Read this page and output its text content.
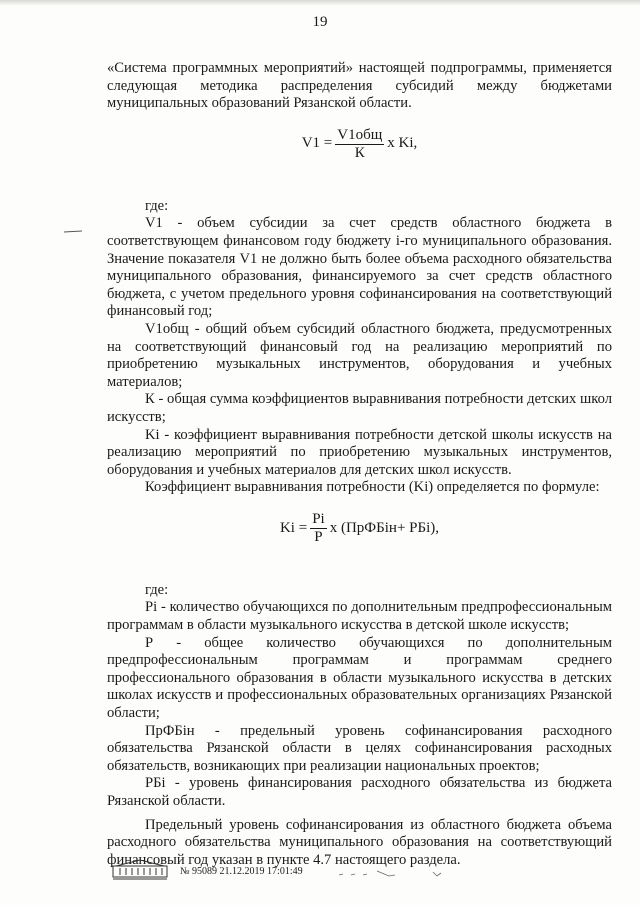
19

«Система программных мероприятий» настоящей подпрограммы, применяется следующая методика распределения субсидий между бюджетами муниципальных образований Рязанской области.

$V1 = \frac{\text{V1общ}}{К}$ x Ki,

где:

V1 - объем субсидии за счет средств областного бюджета в соответствующем финансовом году бюджету i-го муниципального образования. Значение показателя V1 не должно быть более объема расходного обязательства муниципального образования, финансируемого за счет средств областного бюджета, с учетом предельного уровня софинансирования на соответствующий финансовый год;

V1общ - общий объем субсидий областного бюджета, предусмотренных на соответствующий финансовый год на реализацию мероприятий по приобретению музыкальных инструментов, оборудования и учебных материалов;

К - общая сумма коэффициентов выравнивания потребности детских школ искусств;

Ki - коэффициент выравнивания потребности детской школы искусств на реализацию мероприятий по приобретению музыкальных инструментов, оборудования и учебных материалов для детских школ искусств.

Коэффициент выравнивания потребности (Ki) определяется по формуле:

$Ki = \frac{Pi}{P}$ x (ПрФБiн+ РБi),

где:

Pi - количество обучающихся по дополнительным предпрофессиональным программам в области музыкального искусства в детской школе искусств;

Р - общее количество обучающихся по дополнительным предпрофессиональным программам и программам среднего профессионального образования в области музыкального искусства в детских школах искусств и профессиональных образовательных организациях Рязанской области;

ПрФБiн - предельный уровень софинансирования расходного обязательства Рязанской области в целях софинансирования расходных обязательств, возникающих при реализации национальных проектов;

РБi - уровень финансирования расходного обязательства из бюджета Рязанской области.

Предельный уровень софинансирования из областного бюджета объема расходного обязательства муниципального образования на соответствующий финансовый год указан в пункте 4.7 настоящего раздела.

№ 95089 21.12.2019 17:01:49
